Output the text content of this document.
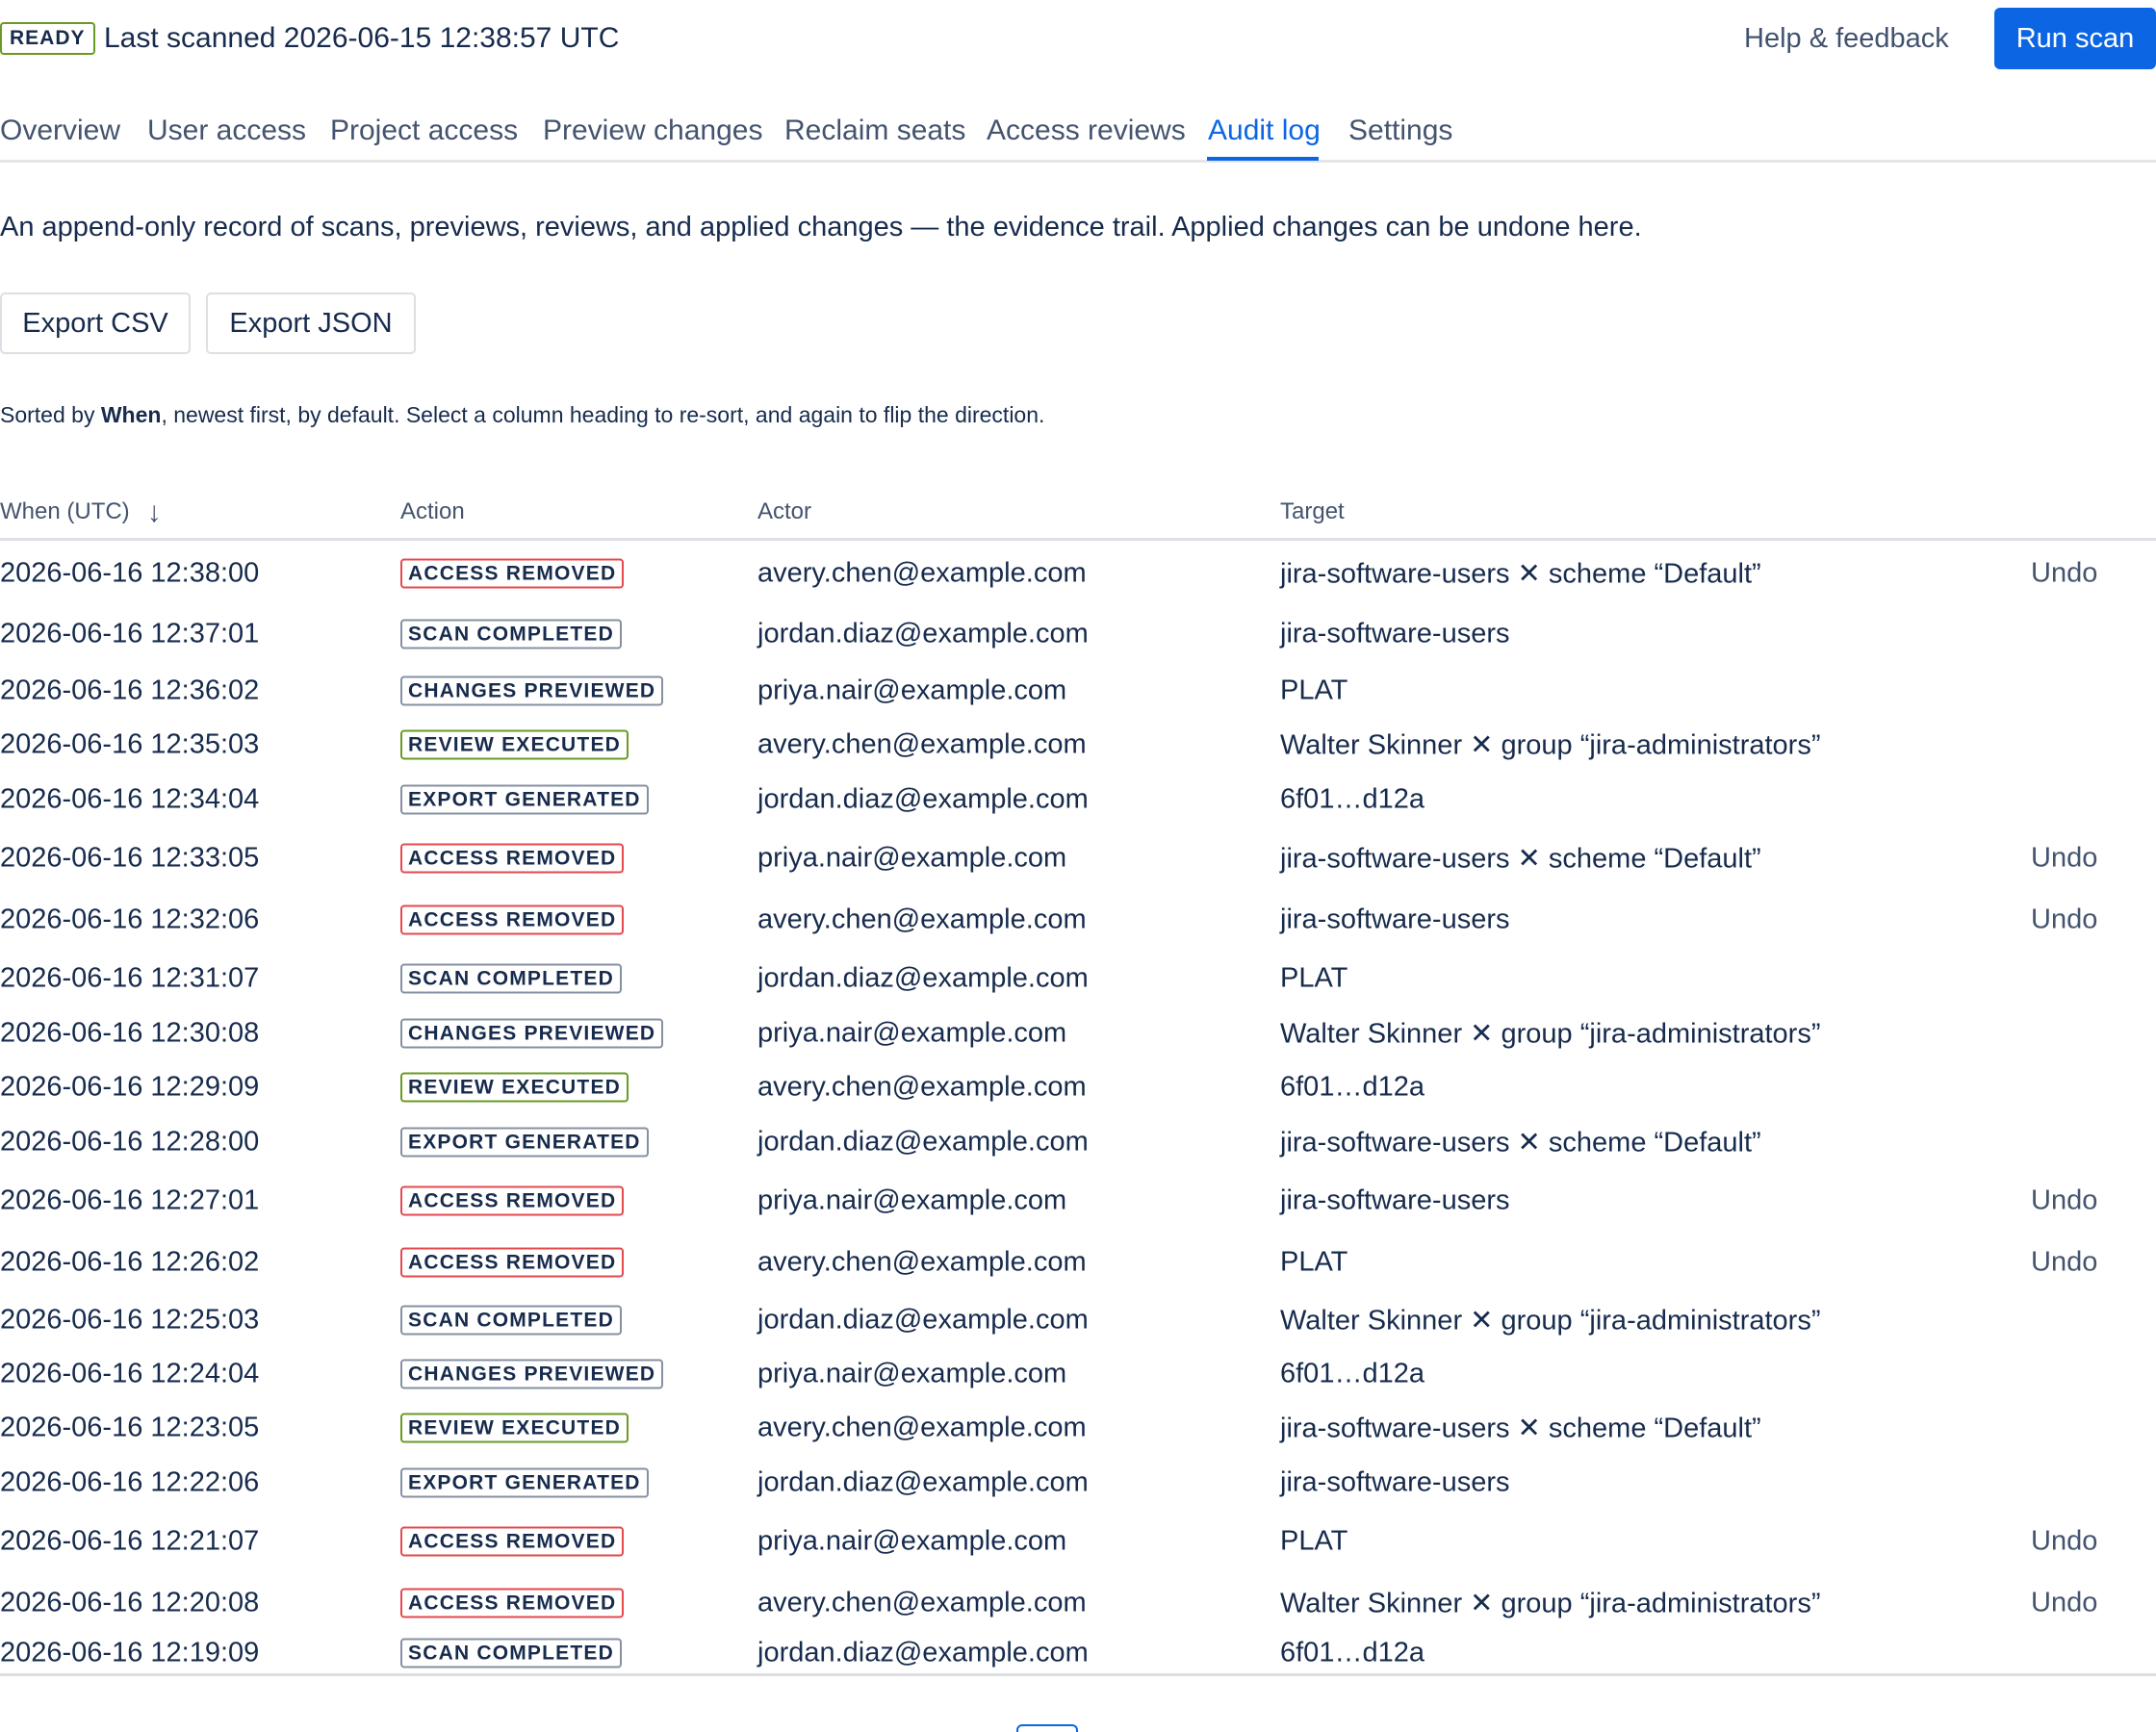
READY Last scanned 2026-06-15 12:38:57 UTC	Help & feedback	Run scan
Overview User access Project access Preview changes Reclaim seats Access reviews Audit log Settings

An append-only record of scans, previews, reviews, and applied changes — the evidence trail. Applied changes can be undone here.

Export CSV	Export JSON

Sorted by When, newest first, by default. Select a column heading to re-sort, and again to flip the direction.

When (UTC) ↓	Action	Actor	Target
2026-06-16 12:38:00	ACCESS REMOVED	avery.chen@example.com	jira-software-users ✕ scheme “Default”	Undo
2026-06-16 12:37:01	SCAN COMPLETED	jordan.diaz@example.com	jira-software-users
2026-06-16 12:36:02	CHANGES PREVIEWED	priya.nair@example.com	PLAT
2026-06-16 12:35:03	REVIEW EXECUTED	avery.chen@example.com	Walter Skinner ✕ group “jira-administrators”
2026-06-16 12:34:04	EXPORT GENERATED	jordan.diaz@example.com	6f01…d12a
2026-06-16 12:33:05	ACCESS REMOVED	priya.nair@example.com	jira-software-users ✕ scheme “Default”	Undo
2026-06-16 12:32:06	ACCESS REMOVED	avery.chen@example.com	jira-software-users	Undo
2026-06-16 12:31:07	SCAN COMPLETED	jordan.diaz@example.com	PLAT
2026-06-16 12:30:08	CHANGES PREVIEWED	priya.nair@example.com	Walter Skinner ✕ group “jira-administrators”
2026-06-16 12:29:09	REVIEW EXECUTED	avery.chen@example.com	6f01…d12a
2026-06-16 12:28:00	EXPORT GENERATED	jordan.diaz@example.com	jira-software-users ✕ scheme “Default”
2026-06-16 12:27:01	ACCESS REMOVED	priya.nair@example.com	jira-software-users	Undo
2026-06-16 12:26:02	ACCESS REMOVED	avery.chen@example.com	PLAT	Undo
2026-06-16 12:25:03	SCAN COMPLETED	jordan.diaz@example.com	Walter Skinner ✕ group “jira-administrators”
2026-06-16 12:24:04	CHANGES PREVIEWED	priya.nair@example.com	6f01…d12a
2026-06-16 12:23:05	REVIEW EXECUTED	avery.chen@example.com	jira-software-users ✕ scheme “Default”
2026-06-16 12:22:06	EXPORT GENERATED	jordan.diaz@example.com	jira-software-users
2026-06-16 12:21:07	ACCESS REMOVED	priya.nair@example.com	PLAT	Undo
2026-06-16 12:20:08	ACCESS REMOVED	avery.chen@example.com	Walter Skinner ✕ group “jira-administrators”	Undo
2026-06-16 12:19:09	SCAN COMPLETED	jordan.diaz@example.com	6f01…d12a
